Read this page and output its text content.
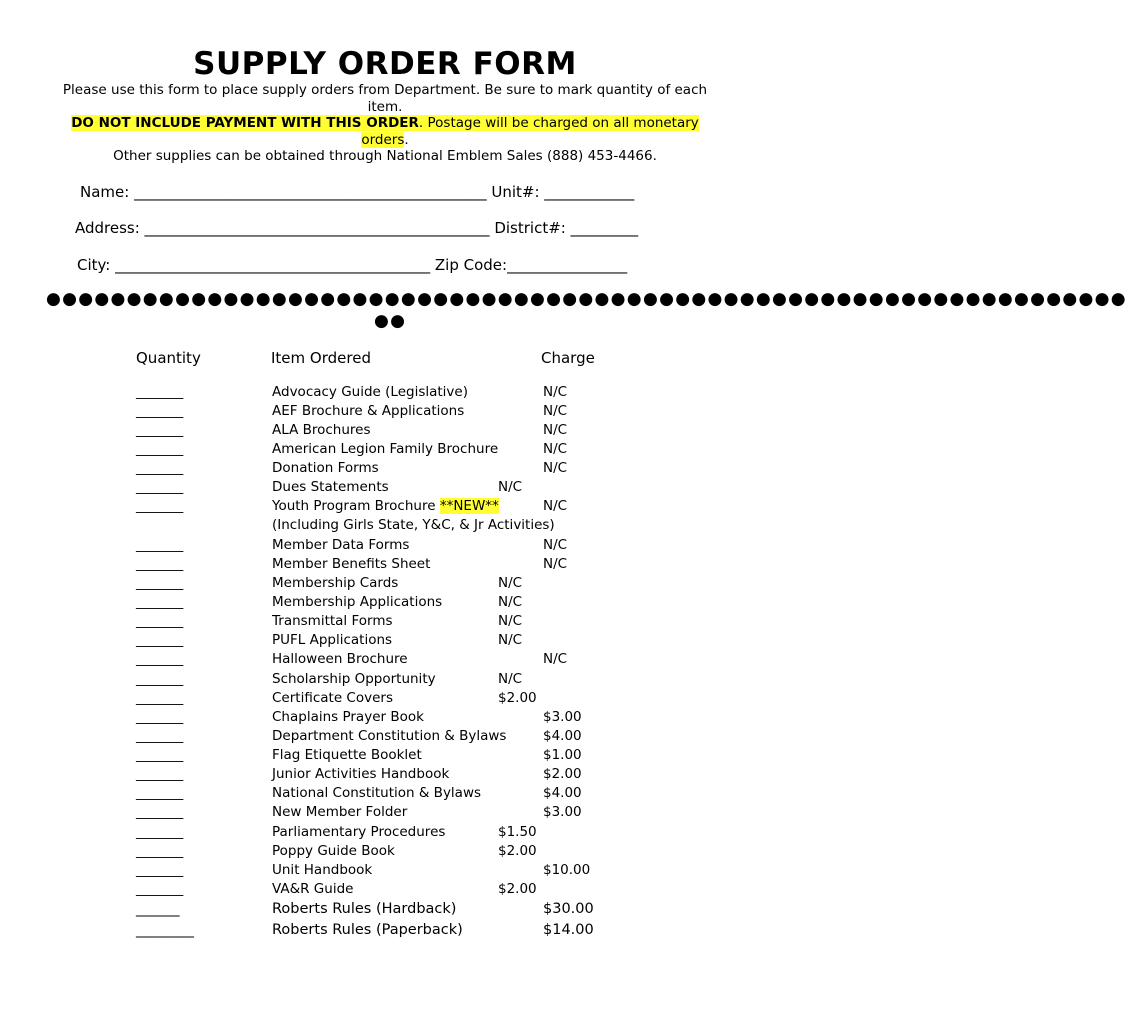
SUPPLY ORDER FORM
Please use this form to place supply orders from Department. Be sure to mark quantity of each item.
DO NOT INCLUDE PAYMENT WITH THIS ORDER. Postage will be charged on all monetary orders.
Other supplies can be obtained through National Emblem Sales (888) 453-4466.
Name: _______________________________________________ Unit#: ____________
Address: ______________________________________________ District#: _________
City: __________________________________________ Zip Code:________________
●●●●●●●●●●●●●●●●●●●●●●●●●●●●●●●●●●●●●●●●●●●●●●●●●●●●●●●●●●●●●●●●●●●
●●
Quantity	Item Ordered	Charge
_______	Advocacy Guide (Legislative)	N/C
_______	AEF Brochure & Applications	N/C
_______	ALA Brochures	N/C
_______	American Legion Family Brochure	N/C
_______	Donation Forms	N/C
_______	Dues Statements	N/C
_______	Youth Program Brochure **NEW**	N/C
(Including Girls State, Y&C, & Jr Activities)
_______	Member Data Forms	N/C
_______	Member Benefits Sheet	N/C
_______	Membership Cards	N/C
_______	Membership Applications	N/C
_______	Transmittal Forms	N/C
_______	PUFL Applications	N/C
_______	Halloween Brochure	N/C
_______	Scholarship Opportunity	N/C
_______	Certificate Covers	$2.00
_______	Chaplains Prayer Book	$3.00
_______	Department Constitution & Bylaws	$4.00
_______	Flag Etiquette Booklet	$1.00
_______	Junior Activities Handbook	$2.00
_______	National Constitution & Bylaws	$4.00
_______	New Member Folder	$3.00
_______	Parliamentary Procedures	$1.50
_______	Poppy Guide Book	$2.00
_______	Unit Handbook	$10.00
_______	VA&R Guide	$2.00
______	Roberts Rules (Hardback)	$30.00
________	Roberts Rules (Paperback)	$14.00
